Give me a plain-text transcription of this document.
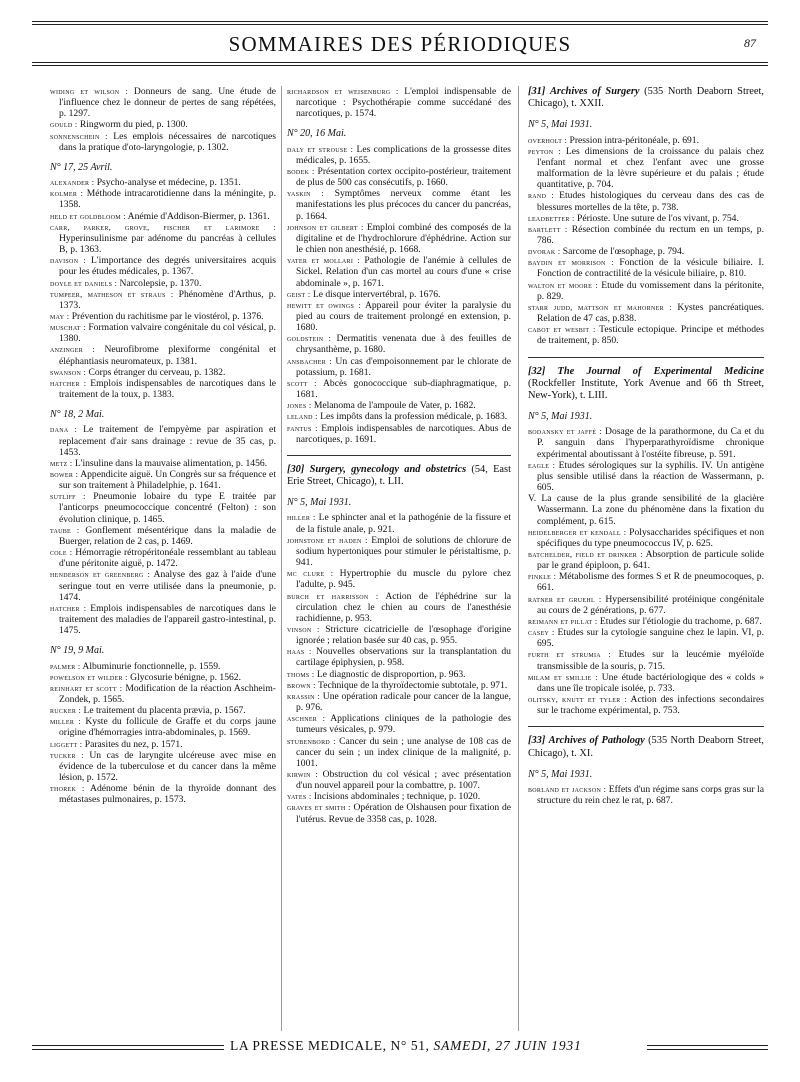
SOMMAIRES DES PÉRIODIQUES	87
widing et wilson : Donneurs de sang. Une étude de l'influence chez le donneur de pertes de sang répétées, p. 1297.
gould : Ringworm du pied, p. 1300.
sonnenschein : Les emplois nécessaires de narcotiques dans la pratique d'oto-laryngologie, p. 1302.
N° 17, 25 Avril.
alexander : Psycho-analyse et médecine, p. 1351.
kolmer : Méthode intracarotidienne dans la méningite, p. 1358.
held et goldbloom : Anémie d'Addison-Biermer, p. 1361.
carr, parker, grove, fischer et larimore : Hyperinsulinisme par adénome du pancréas à cellules B, p. 1363.
davison : L'importance des degrés universitaires acquis pour les études médicales, p. 1367.
doyle et daniels : Narcolepsie, p. 1370.
tumpeer, matheson et straus : Phénomène d'Arthus, p. 1373.
may : Prévention du rachitisme par le viostérol, p. 1376.
muschat : Formation valvaire congénitale du col vésical, p. 1380.
anzinger : Neurofibrome plexiforme congénital et éléphantiasis neuromateux, p. 1381.
swanson : Corps étranger du cerveau, p. 1382.
hatcher : Emplois indispensables de narcotiques dans le traitement de la toux, p. 1383.
N° 18, 2 Mai.
dana : Le traitement de l'empyème par aspiration et replacement d'air sans drainage : revue de 35 cas, p. 1453.
metz : L'insuline dans la mauvaise alimentation, p. 1456.
bower : Appendicite aiguë. Un Congrès sur sa fréquence et sur son traitement à Philadelphie, p. 1641.
sutliff : Pneumonie lobaire du type E traitée par l'anticorps pneumococcique concentré (Felton) : son évolution clinique, p. 1465.
taube : Gonflement mésentérique dans la maladie de Buerger, relation de 2 cas, p. 1469.
cole : Hémorragie rétropéritonéale ressemblant au tableau d'une péritonite aiguë, p. 1472.
henderson et greenberg : Analyse des gaz à l'aide d'une seringue tout en verre utilisée dans la pneumonie, p. 1474.
hatcher : Emplois indispensables de narcotiques dans le traitement des maladies de l'appareil gastro-intestinal, p. 1475.
N° 19, 9 Mai.
palmer : Albuminurie fonctionnelle, p. 1559.
powelson et wilder : Glycosurie bénigne, p. 1562.
reinhart et scott : Modification de la réaction Aschheim-Zondek, p. 1565.
rucker : Le traitement du placenta prævia, p. 1567.
miller : Kyste du follicule de Graffe et du corps jaune origine d'hémorragies intra-abdominales, p. 1569.
liggett : Parasites du nez, p. 1571.
tucker : Un cas de laryngite ulcéreuse avec mise en évidence de la tuberculose et du cancer dans la même lésion, p. 1572.
thorek : Adénome bénin de la thyroïde donnant des métastases pulmonaires, p. 1573.
richardson et weisenburg : L'emploi indispensable de narcotique : Psychothérapie comme succédané des narcotiques, p. 1574.
N° 20, 16 Mai.
daly et strouse : Les complications de la grossesse dites médicales, p. 1655.
bodek : Présentation cortex occipito-postérieur, traitement de plus de 500 cas consécutifs, p. 1660.
yaskin : Symptômes nerveux comme étant les manifestations les plus précoces du cancer du pancréas, p. 1664.
johnson et gilbert : Emploi combiné des composés de la digitaline et de l'hydrochlorure d'éphédrine. Action sur le chien non anesthésié, p. 1668.
yater et mollari : Pathologie de l'anémie à cellules de Sickel. Relation d'un cas mortel au cours d'une « crise abdominale », p. 1671.
geist : Le disque intervertébral, p. 1676.
hewitt et owings : Appareil pour éviter la paralysie du pied au cours de traitement prolongé en extension, p. 1680.
goldstein : Dermatitis venenata due à des feuilles de chrysanthème, p. 1680.
ansbacher : Un cas d'empoisonnement par le chlorate de potassium, p. 1681.
scott : Abcès gonococcique sub-diaphragmatique, p. 1681.
jones : Melanoma de l'ampoule de Vater, p. 1682.
leland : Les impôts dans la profession médicale, p. 1683.
fantus : Emplois indispensables de narcotiques. Abus de narcotiques, p. 1691.
[30] Surgery, gynecology and obstetrics (54, East Erie Street, Chicago), t. LII.
N° 5, Mai 1931.
hiller : Le sphincter anal et la pathogénie de la fissure et de la fistule anale, p. 921.
johnstone et haden : Emploi de solutions de chlorure de sodium hypertoniques pour stimuler le péristaltisme, p. 941.
mc clure : Hypertrophie du muscle du pylore chez l'adulte, p. 945.
burch et harrisson : Action de l'éphédrine sur la circulation chez le chien au cours de l'anesthésie rachidienne, p. 953.
vinson : Stricture cicatricielle de l'œsophage d'origine ignorée ; relation basée sur 40 cas, p. 955.
haas : Nouvelles observations sur la transplantation du cartilage épiphysien, p. 958.
thoms : Le diagnostic de disproportion, p. 963.
brown : Technique de la thyroïdectomie subtotale, p. 971.
krassin : Une opération radicale pour cancer de la langue, p. 976.
aschner : Applications cliniques de la pathologie des tumeurs vésicales, p. 979.
stubenbord : Cancer du sein ; une analyse de 108 cas de cancer du sein ; un index clinique de la malignité, p. 1001.
kirwin : Obstruction du col vésical ; avec présentation d'un nouvel appareil pour la combattre, p. 1007.
yates : Incisions abdominales ; technique, p. 1020.
graves et smith : Opération de Olshausen pour fixation de l'utérus. Revue de 3358 cas, p. 1028.
[31] Archives of Surgery (535 North Deaborn Street, Chicago), t. XXII.
N° 5, Mai 1931.
overholt : Pression intra-péritonéale, p. 691.
peyton : Les dimensions de la croissance du palais chez l'enfant normal et chez l'enfant avec une grosse malformation de la lèvre supérieure et du palais ; étude quantitative, p. 704.
rand : Etudes histologiques du cerveau dans des cas de blessures mortelles de la tête, p. 738.
leadbetter : Périoste. Une suture de l'os vivant, p. 754.
bartlett : Résection combinée du rectum en un temps, p. 786.
dvorak : Sarcome de l'œsophage, p. 794.
baydin et morrison : Fonction de la vésicule biliaire. I. Fonction de contractilité de la vésicule biliaire, p. 810.
walton et moore : Etude du vomissement dans la péritonite, p. 829.
starr judd, mattson et mahorner : Kystes pancréatiques. Relation de 47 cas, p.838.
cabot et wesbit : Testicule ectopique. Principe et méthodes de traitement, p. 850.
[32] The Journal of Experimental Medicine (Rockfeller Institute, York Avenue and 66 th Street, New-York), t. LIII.
N° 5, Mai 1931.
bodansky et jaffé : Dosage de la parathormone, du Ca et du P. sanguin dans l'hyperparathyroïdisme chronique expérimental aboutissant à l'ostéite fibreuse, p. 591.
eagle : Etudes sérologiques sur la syphilis. IV. Un antigène plus sensible utilisé dans la réaction de Wassermann, p. 605.
V. La cause de la plus grande sensibilité de la glacière Wassermann. La zone du phénomène dans la fixation du complément, p. 615.
heidelberger et kendall : Polysaccharides spécifiques et non spécifiques du type pneumococcus IV, p. 625.
batchelder, field et drinker : Absorption de particule solide par le grand épiploon, p. 641.
finkle : Métabolisme des formes S et R de pneumocoques, p. 661.
ratner et gruehl : Hypersensibilité protéinique congénitale au cours de 2 générations, p. 677.
reimann et pillat : Etudes sur l'étiologie du trachome, p. 687.
casey : Etudes sur la cytologie sanguine chez le lapin. VI, p. 695.
furth et strumia : Etudes sur la leucémie myéloïde transmissible de la souris, p. 715.
milam et smillie : Une étude bactériologique des « colds » dans une île tropicale isolée, p. 733.
olitsky, knutt et tyler : Action des infections secondaires sur le trachome expérimental, p. 753.
[33] Archives of Pathology (535 North Deaborn Street, Chicago), t. XI.
N° 5, Mai 1931.
borland et jackson : Effets d'un régime sans corps gras sur la structure du rein chez le rat, p. 687.
LA PRESSE MEDICALE, N° 51, SAMEDI, 27 JUIN 1931
